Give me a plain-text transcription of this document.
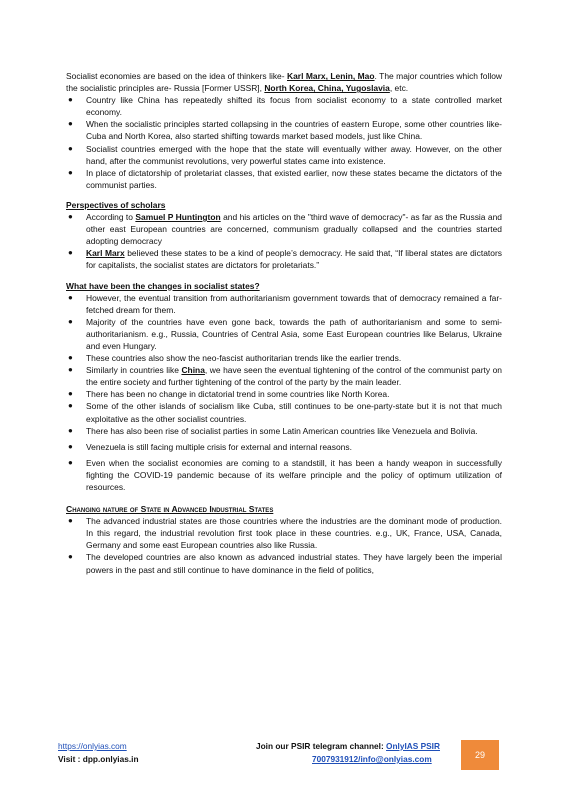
Socialist economies are based on the idea of thinkers like- Karl Marx, Lenin, Mao. The major countries which follow the socialistic principles are- Russia [Former USSR], North Korea, China, Yugoslavia, etc.

● Country like China has repeatedly shifted its focus from socialist economy to a state controlled market economy.
● When the socialistic principles started collapsing in the countries of eastern Europe, some other countries like- Cuba and North Korea, also started shifting towards market based models, just like China.
● Socialist countries emerged with the hope that the state will eventually wither away. However, on the other hand, after the communist revolutions, very powerful states came into existence.
● In place of dictatorship of proletariat classes, that existed earlier, now these states became the dictators of the communist parties.

Perspectives of scholars

● According to Samuel P Huntington and his articles on the "third wave of democracy"- as far as the Russia and other east European countries are concerned, communism gradually collapsed and the countries started adopting democracy
● Karl Marx believed these states to be a kind of people’s democracy. He said that, “If liberal states are dictators for capitalists, the socialist states are dictators for proletariats.”

What have been the changes in socialist states?

● However, the eventual transition from authoritarianism government towards that of democracy remained a far-fetched dream for them.
● Majority of the countries have even gone back, towards the path of authoritarianism and some to semi-authoritarianism. e.g., Russia, Countries of Central Asia, some East European countries like Belarus, Ukraine and even Hungary.
● These countries also show the neo-fascist authoritarian trends like the earlier trends.
● Similarly in countries like China, we have seen the eventual tightening of the control of the communist party on the entire society and further tightening of the control of the party by the main leader.
● There has been no change in dictatorial trend in some countries like North Korea.
● Some of the other islands of socialism like Cuba, still continues to be one-party-state but it is not that much exploitative as the other socialist countries.
● There has also been rise of socialist parties in some Latin American countries like Venezuela and Bolivia.
● Venezuela is still facing multiple crisis for external and internal reasons.
● Even when the socialist economies are coming to a standstill, it has been a handy weapon in successfully fighting the COVID-19 pandemic because of its welfare principle and the policy of optimum utilization of resources.

Changing nature of State in Advanced Industrial States

● The advanced industrial states are those countries where the industries are the dominant mode of production. In this regard, the industrial revolution first took place in these countries. e.g., UK, France, USA, Canada, Germany and some east European countries also like Russia.
● The developed countries are also known as advanced industrial states. They have largely been the imperial powers in the past and still continue to have dominance in the field of politics,
https://onlyias.com
Visit : dpp.onlyias.in
Join our PSIR telegram channel: OnlyIAS PSIR
7007931912/info@onlyias.com	29
